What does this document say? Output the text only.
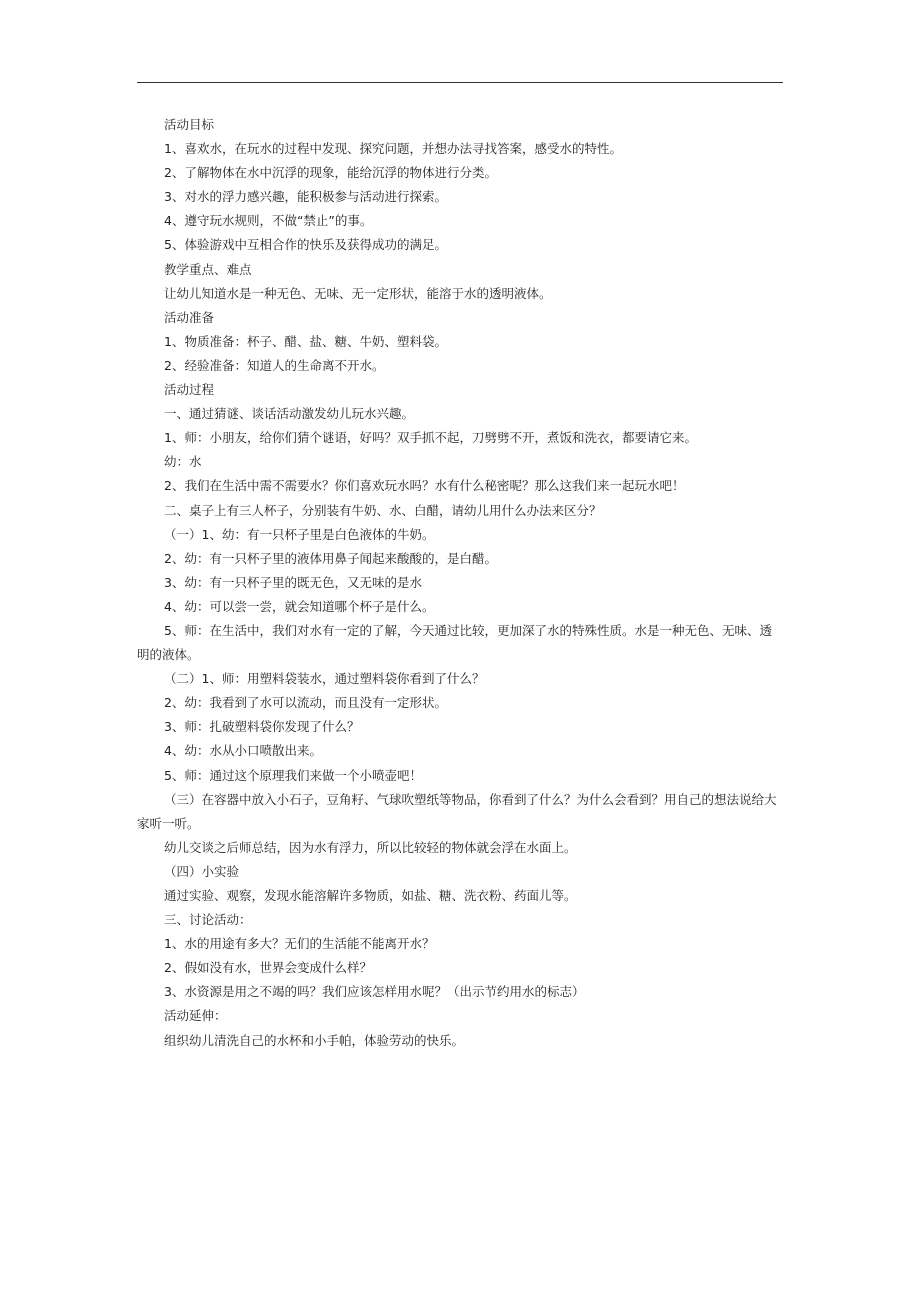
活动目标
1、喜欢水，在玩水的过程中发现、探究问题，并想办法寻找答案，感受水的特性。
2、了解物体在水中沉浮的现象，能给沉浮的物体进行分类。
3、对水的浮力感兴趣，能积极参与活动进行探索。
4、遵守玩水规则，不做“禁止”的事。
5、体验游戏中互相合作的快乐及获得成功的满足。
教学重点、难点
让幼儿知道水是一种无色、无味、无一定形状，能溶于水的透明液体。
活动准备
1、物质准备：杯子、醋、盐、糖、牛奶、塑料袋。
2、经验准备：知道人的生命离不开水。
活动过程
一、通过猜谜、谈话活动激发幼儿玩水兴趣。
1、师：小朋友，给你们猜个谜语，好吗？双手抓不起，刀劈劈不开，煮饭和洗衣，都要请它来。
幼：水
2、我们在生活中需不需要水？你们喜欢玩水吗？水有什么秘密呢？那么这我们来一起玩水吧！
二、桌子上有三人杯子，分别装有牛奶、水、白醋，请幼儿用什么办法来区分？
（一）1、幼：有一只杯子里是白色液体的牛奶。
2、幼：有一只杯子里的液体用鼻子闻起来酸酸的，是白醋。
3、幼：有一只杯子里的既无色，又无味的是水
4、幼：可以尝一尝，就会知道哪个杯子是什么。
5、师：在生活中，我们对水有一定的了解，今天通过比较，更加深了水的特殊性质。水是一种无色、无味、透明的液体。
（二）1、师：用塑料袋装水，通过塑料袋你看到了什么？
2、幼：我看到了水可以流动，而且没有一定形状。
3、师：扎破塑料袋你发现了什么？
4、幼：水从小口喷散出来。
5、师：通过这个原理我们来做一个小喷壶吧！
（三）在容器中放入小石子，豆角籽、气球吹塑纸等物品，你看到了什么？为什么会看到？用自己的想法说给大家听一听。
幼儿交谈之后师总结，因为水有浮力，所以比较轻的物体就会浮在水面上。
（四）小实验
通过实验、观察，发现水能溶解许多物质，如盐、糖、洗衣粉、药面儿等。
三、讨论活动：
1、水的用途有多大？无们的生活能不能离开水？
2、假如没有水，世界会变成什么样？
3、水资源是用之不竭的吗？我们应该怎样用水呢？（出示节约用水的标志）
活动延伸：
组织幼儿清洗自己的水杯和小手帕，体验劳动的快乐。
